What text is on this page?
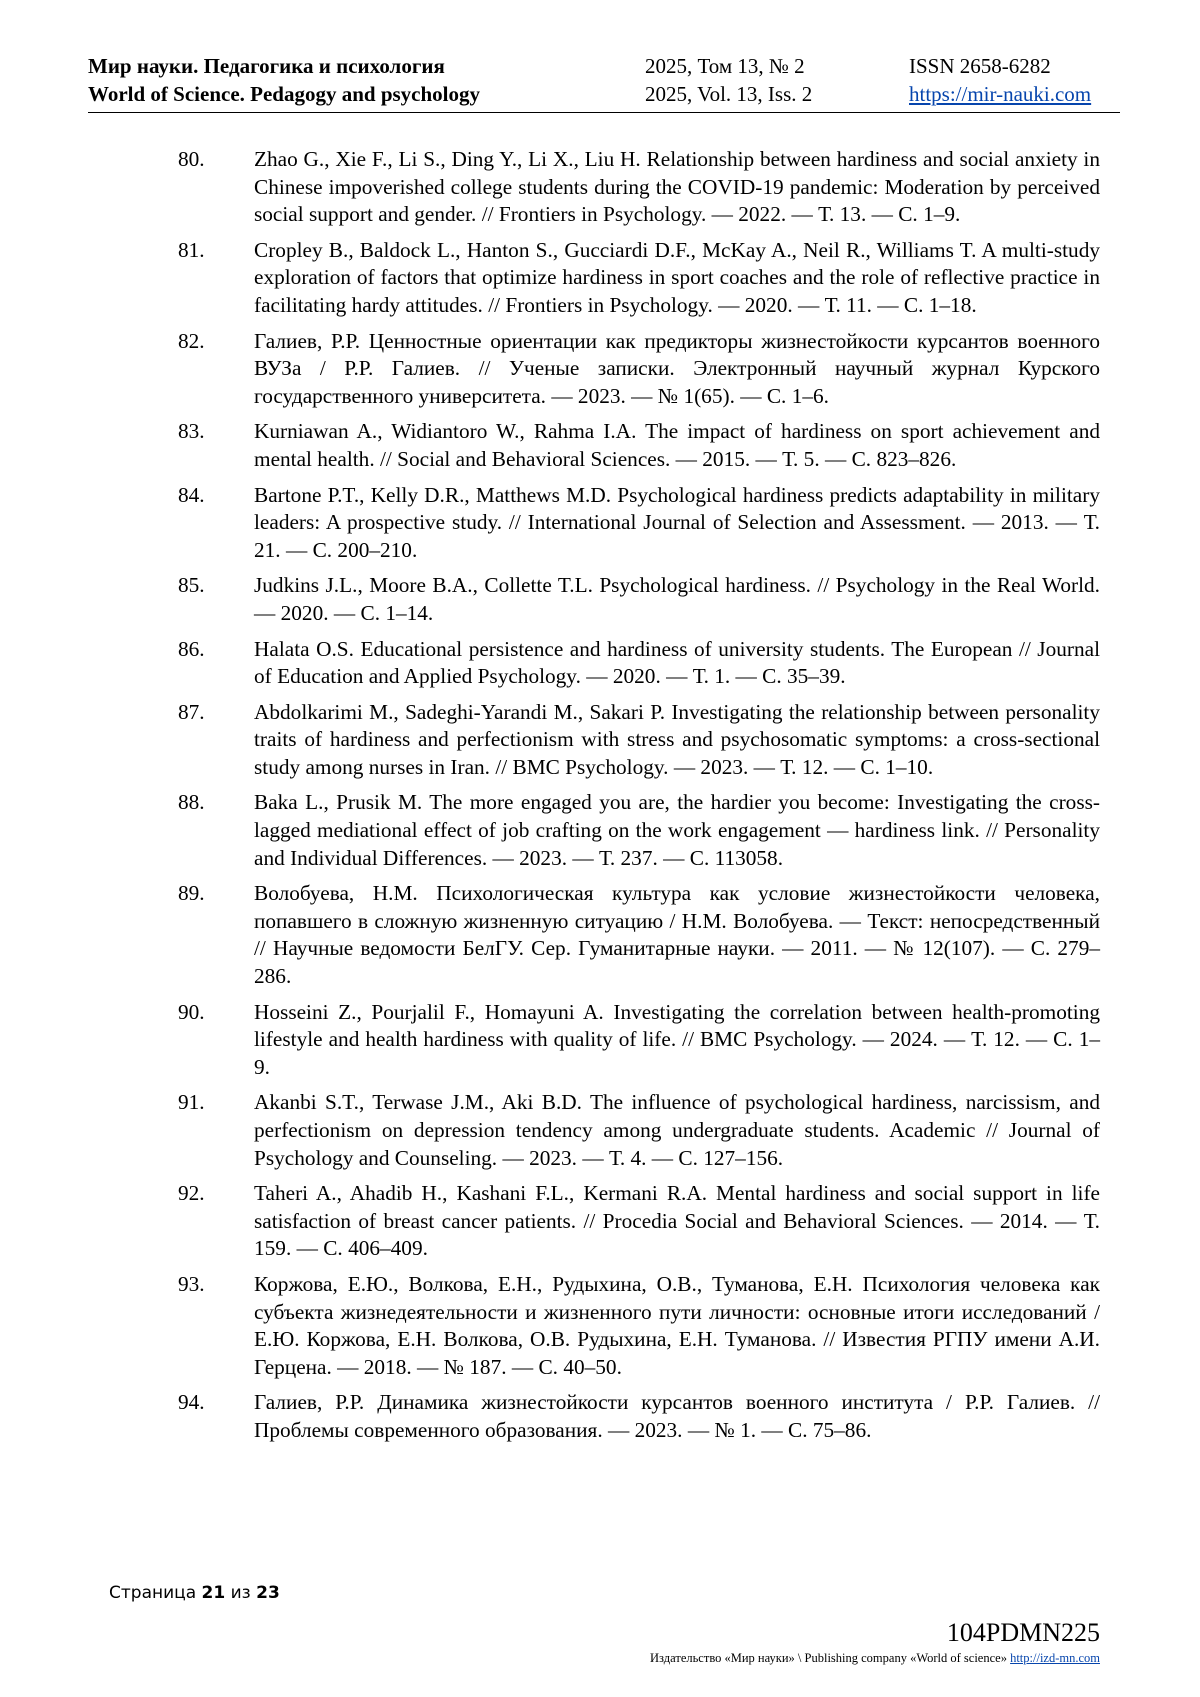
Мир науки. Педагогика и психология
World of Science. Pedagogy and psychology
2025, Том 13, № 2
2025, Vol. 13, Iss. 2
ISSN 2658-6282
https://mir-nauki.com
80. Zhao G., Xie F., Li S., Ding Y., Li X., Liu H. Relationship between hardiness and social anxiety in Chinese impoverished college students during the COVID-19 pandemic: Moderation by perceived social support and gender. // Frontiers in Psychology. — 2022. — Т. 13. — С. 1–9.
81. Cropley B., Baldock L., Hanton S., Gucciardi D.F., McKay A., Neil R., Williams T. A multi-study exploration of factors that optimize hardiness in sport coaches and the role of reflective practice in facilitating hardy attitudes. // Frontiers in Psychology. — 2020. — Т. 11. — С. 1–18.
82. Галиев, Р.Р. Ценностные ориентации как предикторы жизнестойкости курсантов военного ВУЗа / Р.Р. Галиев. // Ученые записки. Электронный научный журнал Курского государственного университета. — 2023. — № 1(65). — С. 1–6.
83. Kurniawan A., Widiantoro W., Rahma I.A. The impact of hardiness on sport achievement and mental health. // Social and Behavioral Sciences. — 2015. — Т. 5. — С. 823–826.
84. Bartone P.T., Kelly D.R., Matthews M.D. Psychological hardiness predicts adaptability in military leaders: A prospective study. // International Journal of Selection and Assessment. — 2013. — Т. 21. — С. 200–210.
85. Judkins J.L., Moore B.A., Collette T.L. Psychological hardiness. // Psychology in the Real World. — 2020. — С. 1–14.
86. Halata O.S. Educational persistence and hardiness of university students. The European // Journal of Education and Applied Psychology. — 2020. — Т. 1. — С. 35–39.
87. Abdolkarimi M., Sadeghi-Yarandi M., Sakari P. Investigating the relationship between personality traits of hardiness and perfectionism with stress and psychosomatic symptoms: a cross-sectional study among nurses in Iran. // BMC Psychology. — 2023. — Т. 12. — С. 1–10.
88. Baka L., Prusik M. The more engaged you are, the hardier you become: Investigating the cross-lagged mediational effect of job crafting on the work engagement — hardiness link. // Personality and Individual Differences. — 2023. — Т. 237. — С. 113058.
89. Волобуева, Н.М. Психологическая культура как условие жизнестойкости человека, попавшего в сложную жизненную ситуацию / Н.М. Волобуева. — Текст: непосредственный // Научные ведомости БелГУ. Сер. Гуманитарные науки. — 2011. — № 12(107). — С. 279–286.
90. Hosseini Z., Pourjalil F., Homayuni A. Investigating the correlation between health-promoting lifestyle and health hardiness with quality of life. // BMC Psychology. — 2024. — Т. 12. — С. 1–9.
91. Akanbi S.T., Terwase J.M., Aki B.D. The influence of psychological hardiness, narcissism, and perfectionism on depression tendency among undergraduate students. Academic // Journal of Psychology and Counseling. — 2023. — Т. 4. — С. 127–156.
92. Taheri A., Ahadib H., Kashani F.L., Kermani R.A. Mental hardiness and social support in life satisfaction of breast cancer patients. // Procedia Social and Behavioral Sciences. — 2014. — Т. 159. — С. 406–409.
93. Коржова, Е.Ю., Волкова, Е.Н., Рудыхина, О.В., Туманова, Е.Н. Психология человека как субъекта жизнедеятельности и жизненного пути личности: основные итоги исследований / Е.Ю. Коржова, Е.Н. Волкова, О.В. Рудыхина, Е.Н. Туманова. // Известия РГПУ имени А.И. Герцена. — 2018. — № 187. — С. 40–50.
94. Галиев, Р.Р. Динамика жизнестойкости курсантов военного института / Р.Р. Галиев. // Проблемы современного образования. — 2023. — № 1. — С. 75–86.
Страница 21 из 23
104PDMN225
Издательство «Мир науки» \ Publishing company «World of science» http://izd-mn.com
